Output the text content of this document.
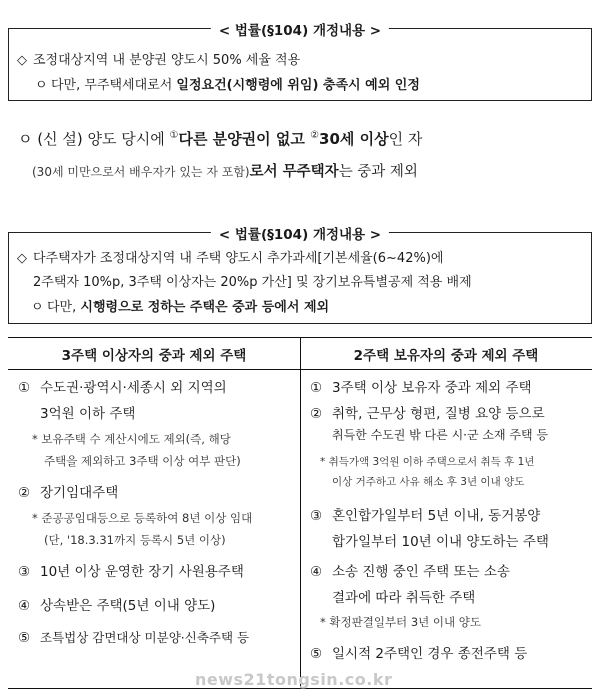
< 법률(§104) 개정내용 >
◇ 조정대상지역 내 분양권 양도시 50% 세율 적용
ㅇ 다만, 무주택세대로서 일정요건(시행령에 위임) 충족시 예외 인정
ㅇ (신 설) 양도 당시에 ①다른 분양권이 없고 ②30세 이상인 자
(30세 미만으로서 배우자가 있는 자 포함)로서 무주택자는 중과 제외
< 법률(§104) 개정내용 >
◇ 다주택자가 조정대상지역 내 주택 양도시 추가과세[기본세율(6~42%)에
2주택자 10%p, 3주택 이상자는 20%p 가산] 및 장기보유특별공제 적용 배제
ㅇ 다만, 시행령으로 정하는 주택은 중과 등에서 제외
3주택 이상자의 중과 제외 주택	2주택 보유자의 중과 제외 주택
① 수도권·광역시·세종시 외 지역의
3억원 이하 주택
* 보유주택 수 계산시에도 제외(즉, 해당
주택을 제외하고 3주택 이상 여부 판단)
② 장기임대주택
* 준공공임대등으로 등록하여 8년 이상 임대
(단, '18.3.31까지 등록시 5년 이상)
③ 10년 이상 운영한 장기 사원용주택
④ 상속받은 주택(5년 이내 양도)
⑤ 조특법상 감면대상 미분양·신축주택 등
① 3주택 이상 보유자 중과 제외 주택
② 취학, 근무상 형편, 질병 요양 등으로
취득한 수도권 밖 다른 시·군 소재 주택 등
* 취득가액 3억원 이하 주택으로서 취득 후 1년
이상 거주하고 사유 해소 후 3년 이내 양도
③ 혼인합가일부터 5년 이내, 동거봉양
합가일부터 10년 이내 양도하는 주택
④ 소송 진행 중인 주택 또는 소송
결과에 따라 취득한 주택
* 확정판결일부터 3년 이내 양도
⑤ 일시적 2주택인 경우 종전주택 등
news21tongsin.co.kr
